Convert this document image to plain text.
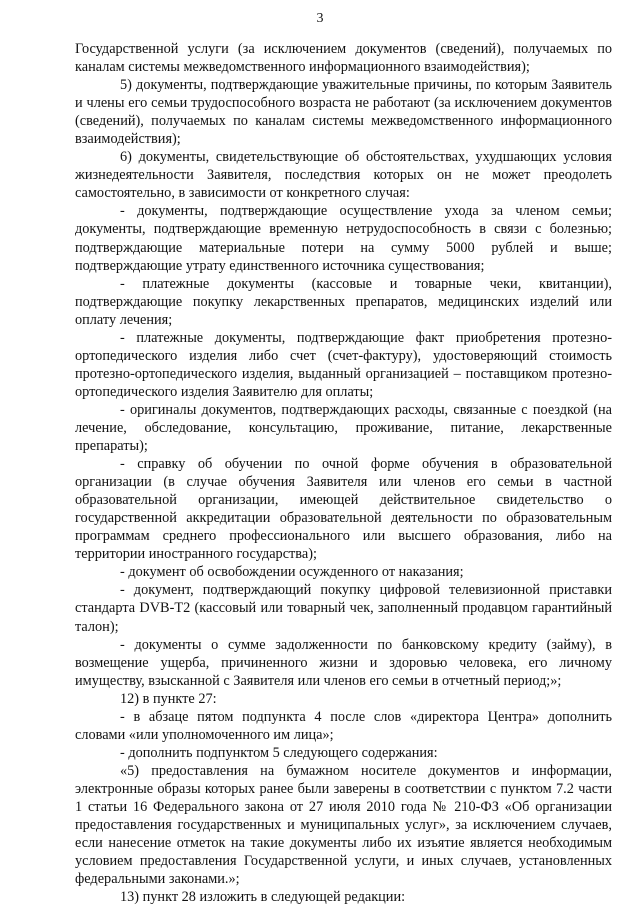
3

Государственной услуги (за исключением документов (сведений), получаемых по каналам системы межведомственного информационного взаимодействия);

5) документы, подтверждающие уважительные причины, по которым Заявитель и члены его семьи трудоспособного возраста не работают (за исключением документов (сведений), получаемых по каналам системы межведомственного информационного взаимодействия);

6) документы, свидетельствующие об обстоятельствах, ухудшающих условия жизнедеятельности Заявителя, последствия которых он не может преодолеть самостоятельно, в зависимости от конкретного случая:

- документы, подтверждающие осуществление ухода за членом семьи; документы, подтверждающие временную нетрудоспособность в связи с болезнью; подтверждающие материальные потери на сумму 5000 рублей и выше; подтверждающие утрату единственного источника существования;

- платежные документы (кассовые и товарные чеки, квитанции), подтверждающие покупку лекарственных препаратов, медицинских изделий или оплату лечения;

- платежные документы, подтверждающие факт приобретения протезно-ортопедического изделия либо счет (счет-фактуру), удостоверяющий стоимость протезно-ортопедического изделия, выданный организацией – поставщиком протезно-ортопедического изделия Заявителю для оплаты;

- оригиналы документов, подтверждающих расходы, связанные с поездкой (на лечение, обследование, консультацию, проживание, питание, лекарственные препараты);

- справку об обучении по очной форме обучения в образовательной организации (в случае обучения Заявителя или членов его семьи в частной образовательной организации, имеющей действительное свидетельство о государственной аккредитации образовательной деятельности по образовательным программам среднего профессионального или высшего образования, либо на территории иностранного государства);

- документ об освобождении осужденного от наказания;

- документ, подтверждающий покупку цифровой телевизионной приставки стандарта DVB-T2 (кассовый или товарный чек, заполненный продавцом гарантийный талон);

- документы о сумме задолженности по банковскому кредиту (займу), в возмещение ущерба, причиненного жизни и здоровью человека, его личному имуществу, взысканной с Заявителя или членов его семьи в отчетный период;»;

12) в пункте 27:

- в абзаце пятом подпункта 4 после слов «директора Центра» дополнить словами «или уполномоченного им лица»;

- дополнить подпунктом 5 следующего содержания:

«5) предоставления на бумажном носителе документов и информации, электронные образы которых ранее были заверены в соответствии с пунктом 7.2 части 1 статьи 16 Федерального закона от 27 июля 2010 года № 210-ФЗ «Об организации предоставления государственных и муниципальных услуг», за исключением случаев, если нанесение отметок на такие документы либо их изъятие является необходимым условием предоставления Государственной услуги, и иных случаев, установленных федеральными законами.»;

13) пункт 28 изложить в следующей редакции:
